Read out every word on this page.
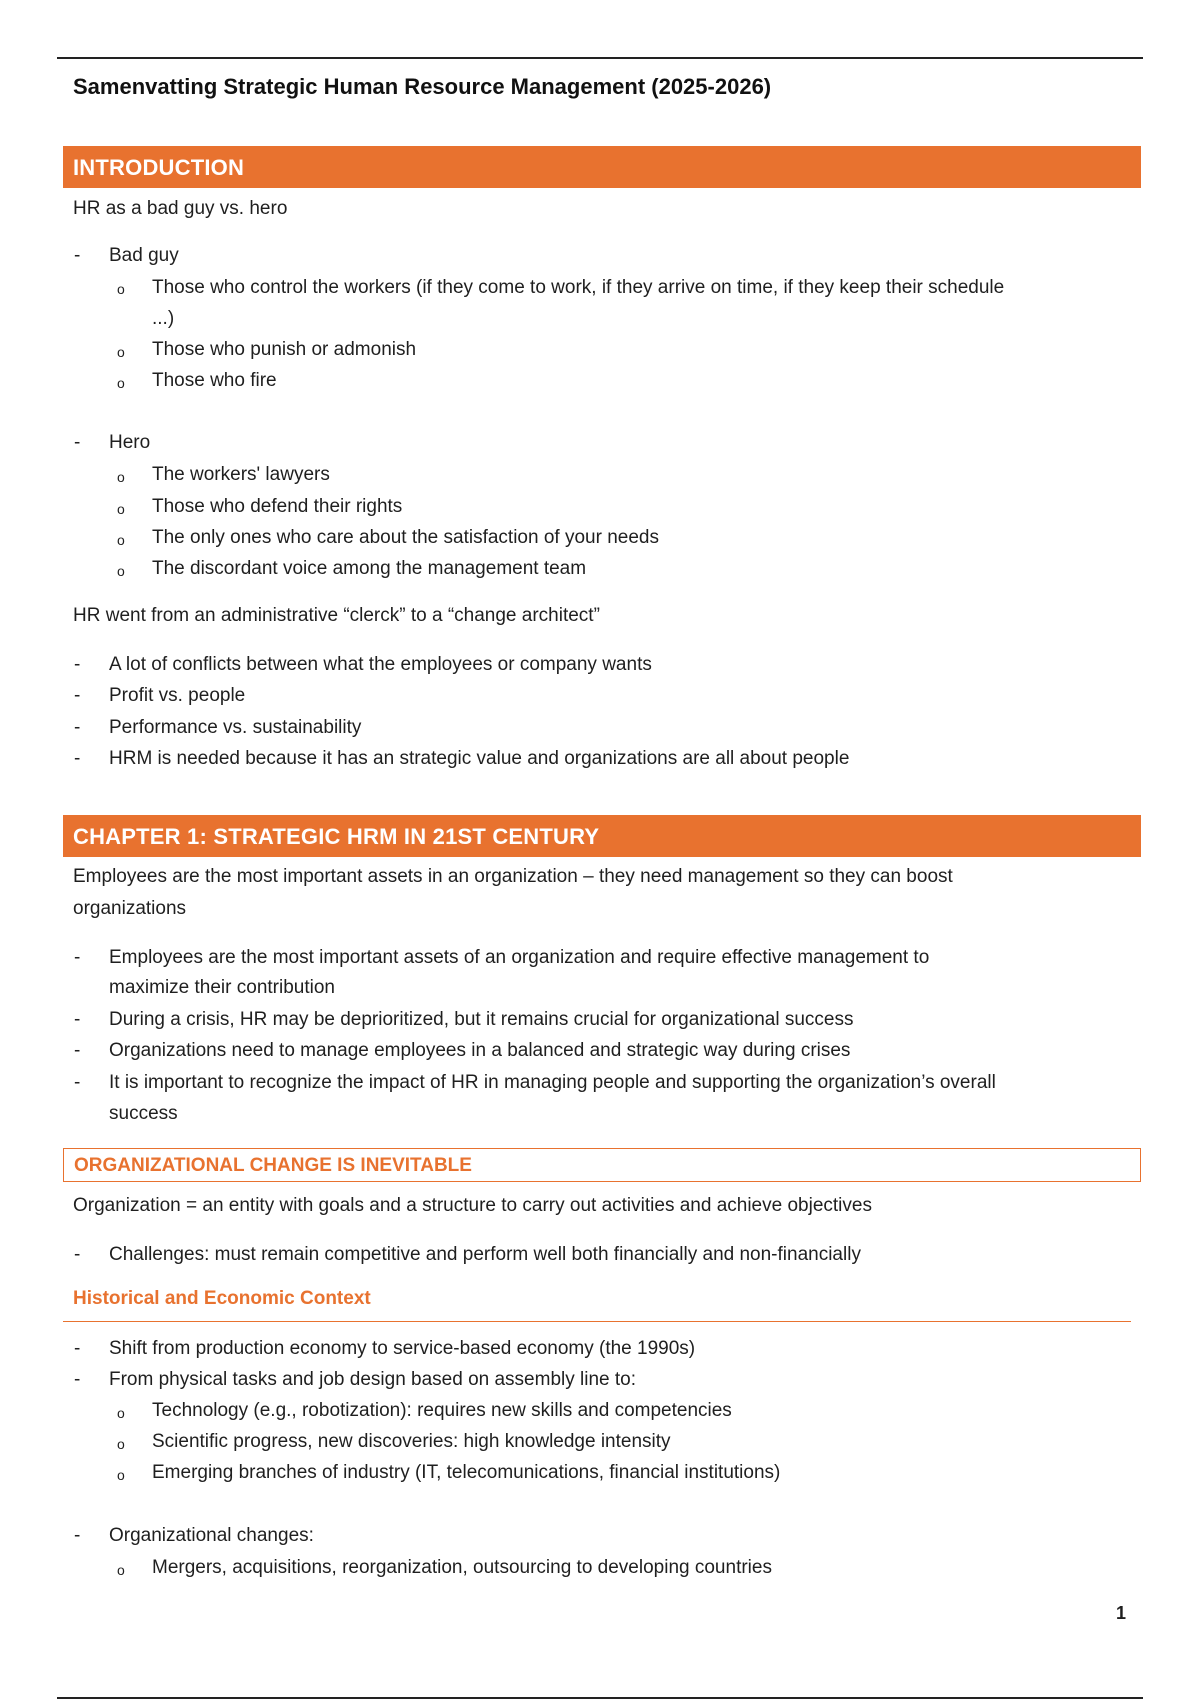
Samenvatting Strategic Human Resource Management (2025-2026)
INTRODUCTION
HR as a bad guy vs. hero
- Bad guy
o Those who control the workers (if they come to work, if they arrive on time, if they keep their schedule
...)
o Those who punish or admonish
o Those who fire
- Hero
o The workers' lawyers
o Those who defend their rights
o The only ones who care about the satisfaction of your needs
o The discordant voice among the management team
HR went from an administrative “clerck” to a “change architect”
- A lot of conflicts between what the employees or company wants
- Profit vs. people
- Performance vs. sustainability
- HRM is needed because it has an strategic value and organizations are all about people
CHAPTER 1: STRATEGIC HRM IN 21ST CENTURY
Employees are the most important assets in an organization – they need management so they can boost
organizations
- Employees are the most important assets of an organization and require effective management to
maximize their contribution
- During a crisis, HR may be deprioritized, but it remains crucial for organizational success
- Organizations need to manage employees in a balanced and strategic way during crises
- It is important to recognize the impact of HR in managing people and supporting the organization’s overall
success
ORGANIZATIONAL CHANGE IS INEVITABLE
Organization = an entity with goals and a structure to carry out activities and achieve objectives
- Challenges: must remain competitive and perform well both financially and non-financially
Historical and Economic Context
- Shift from production economy to service-based economy (the 1990s)
- From physical tasks and job design based on assembly line to:
o Technology (e.g., robotization): requires new skills and competencies
o Scientific progress, new discoveries: high knowledge intensity
o Emerging branches of industry (IT, telecomunications, financial institutions)
- Organizational changes:
o Mergers, acquisitions, reorganization, outsourcing to developing countries
1
